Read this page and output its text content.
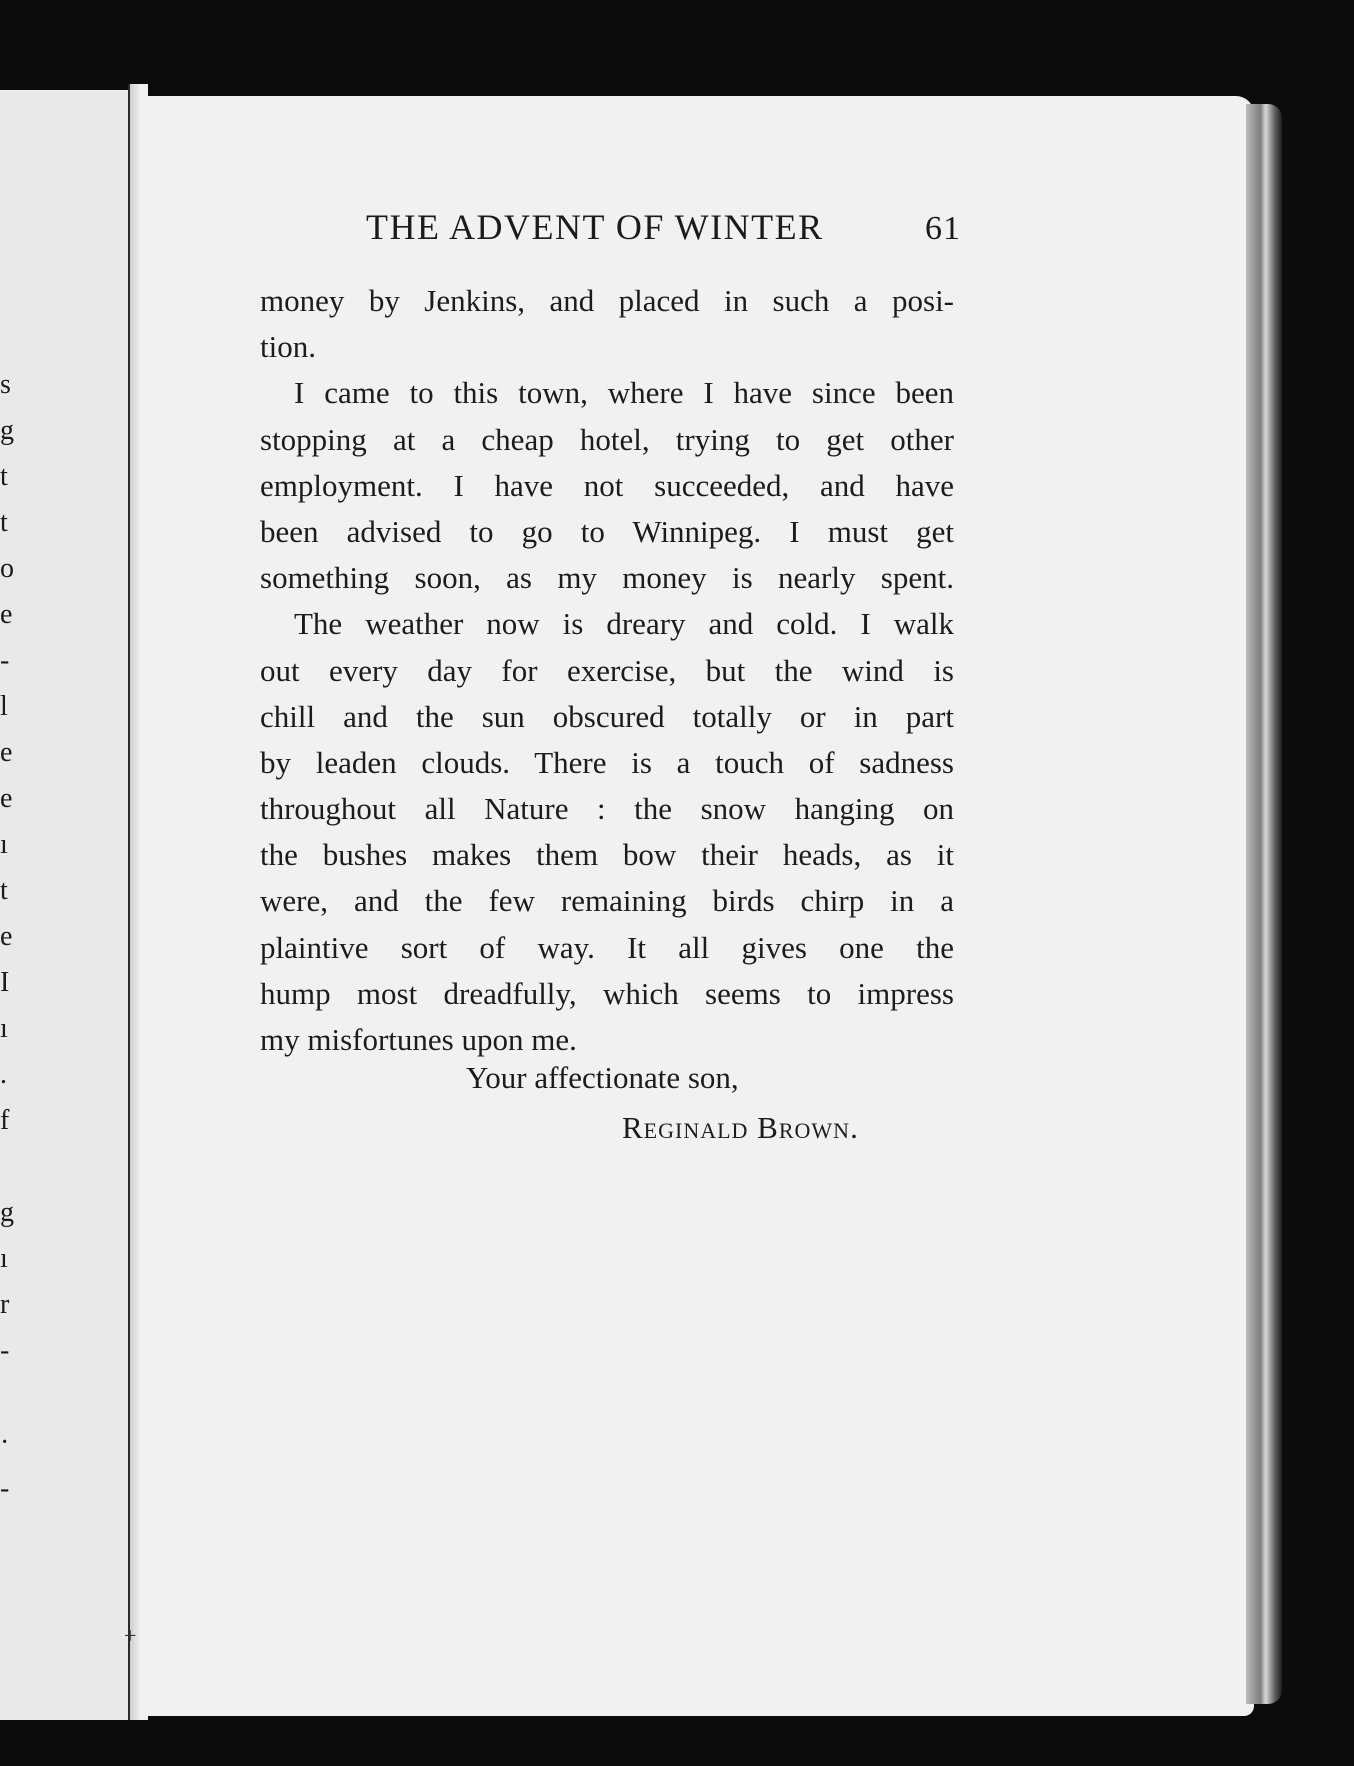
s
g
t
t
o
e
-
l
e
e
ı
t
e
I
ı
.
f
g
ı
r
-
·
-
THE ADVENT OF WINTER	61
money by Jenkins, and placed in such a posi-
tion.
I came to this town, where I have since been
stopping at a cheap hotel, trying to get other
employment. I have not succeeded, and have
been advised to go to Winnipeg. I must get
something soon, as my money is nearly spent.
The weather now is dreary and cold. I walk
out every day for exercise, but the wind is
chill and the sun obscured totally or in part
by leaden clouds. There is a touch of sadness
throughout all Nature : the snow hanging on
the bushes makes them bow their heads, as it
were, and the few remaining birds chirp in a
plaintive sort of way. It all gives one the
hump most dreadfully, which seems to impress
my misfortunes upon me.
Your affectionate son,
Reginald Brown.
+
